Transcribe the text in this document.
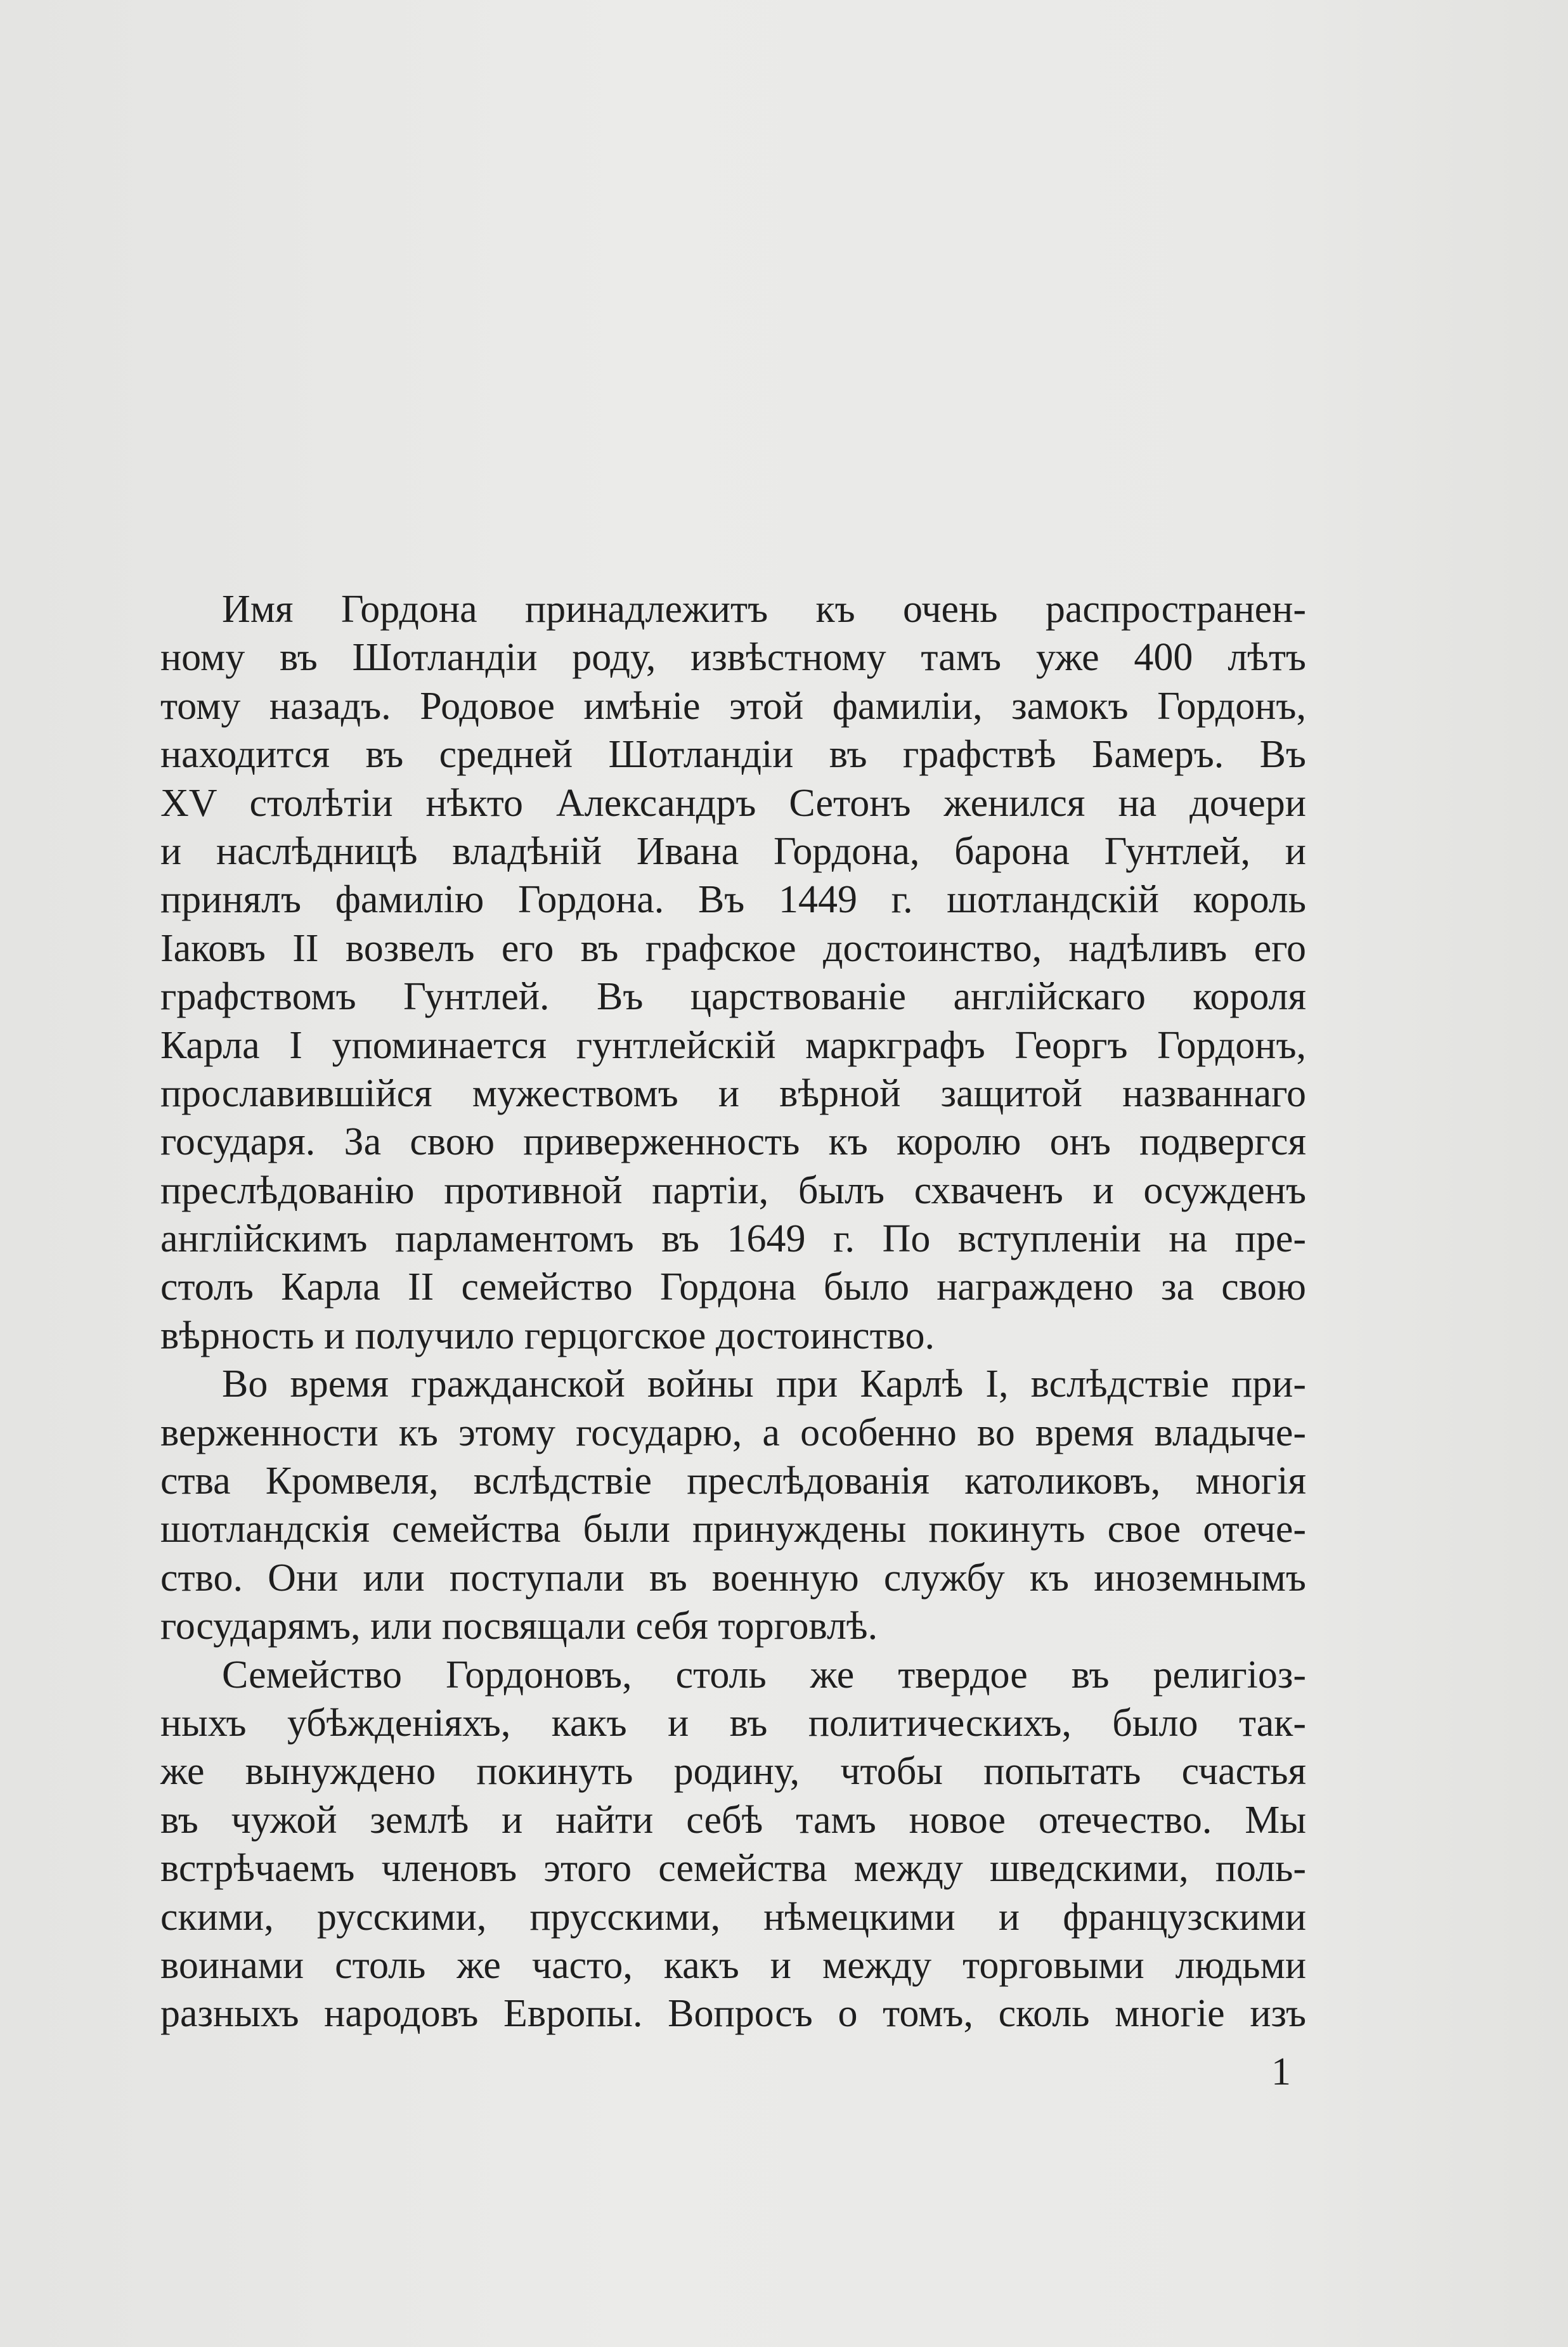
Имя Гордона принадлежитъ къ очень распространен-
ному въ Шотландіи роду, извѣстному тамъ уже 400 лѣтъ
тому назадъ. Родовое имѣніе этой фамиліи, замокъ Гордонъ,
находится въ средней Шотландіи въ графствѣ Бамеръ. Въ
XV столѣтіи нѣкто Александръ Сетонъ женился на дочери
и наслѣдницѣ владѣній Ивана Гордона, барона Гунтлей, и
принялъ фамилію Гордона. Въ 1449 г. шотландскій король
Іаковъ II возвелъ его въ графское достоинство, надѣливъ его
графствомъ Гунтлей. Въ царствованіе англійскаго короля
Карла I упоминается гунтлейскій маркграфъ Георгъ Гордонъ,
прославившійся мужествомъ и вѣрной защитой названнаго
государя. За свою приверженность къ королю онъ подвергся
преслѣдованію противной партіи, былъ схваченъ и осужденъ
англійскимъ парламентомъ въ 1649 г. По вступленіи на пре-
столъ Карла II семейство Гордона было награждено за свою
вѣрность и получило герцогское достоинство.
Во время гражданской войны при Карлѣ I, вслѣдствіе при-
верженности къ этому государю, а особенно во время владыче-
ства Кромвеля, вслѣдствіе преслѣдованія католиковъ, многія
шотландскія семейства были принуждены покинуть свое отече-
ство. Они или поступали въ военную службу къ иноземнымъ
государямъ, или посвящали себя торговлѣ.
Семейство Гордоновъ, столь же твердое въ религіоз-
ныхъ убѣжденіяхъ, какъ и въ политическихъ, было так-
же вынуждено покинуть родину, чтобы попытать счастья
въ чужой землѣ и найти себѣ тамъ новое отечество. Мы
встрѣчаемъ членовъ этого семейства между шведскими, поль-
скими, русскими, прусскими, нѣмецкими и французскими
воинами столь же часто, какъ и между торговыми людьми
разныхъ народовъ Европы. Вопросъ о томъ, сколь многіе изъ
1
